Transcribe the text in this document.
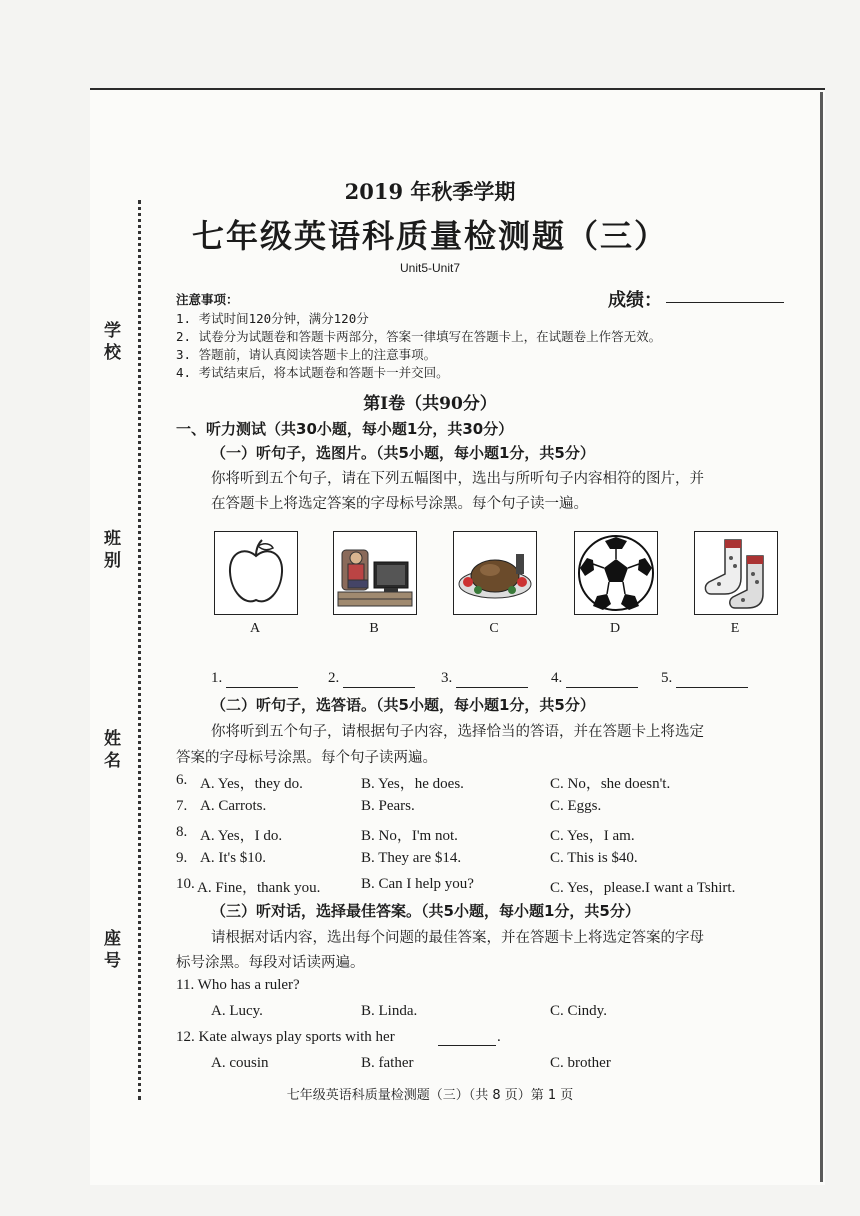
学校
班别
姓名
座号
2019 年秋季学期
七年级英语科质量检测题（三）
Unit5-Unit7
注意事项：
1. 考试时间120分钟，满分120分
2. 试卷分为试题卷和答题卡两部分，答案一律填写在答题卡上，在试题卷上作答无效。
3. 答题前，请认真阅读答题卡上的注意事项。
4. 考试结束后，将本试题卷和答题卡一并交回。
成绩：
第Ⅰ卷（共90分）
一、听力测试（共30小题，每小题1分，共30分）
（一）听句子，选图片。（共5小题，每小题1分，共5分）
你将听到五个句子，请在下列五幅图中，选出与所听句子内容相符的图片，并
在答题卡上将选定答案的字母标号涂黑。每个句子读一遍。
A	B	C	D	E
1.	2.	3.	4.	5.
（二）听句子，选答语。（共5小题，每小题1分，共5分）
你将听到五个句子，请根据句子内容，选择恰当的答语，并在答题卡上将选定
答案的字母标号涂黑。每个句子读两遍。
6. A. Yes，they do.	B. Yes，he does.	C. No，she doesn't.
7. A. Carrots.	B. Pears.	C. Eggs.
8. A. Yes，I do.	B. No，I'm not.	C. Yes，I am.
9. A. It's $10.	B. They are $14.	C. This is $40.
10. A. Fine，thank you.	B. Can I help you?	C. Yes，please.I want a Tshirt.
（三）听对话，选择最佳答案。（共5小题，每小题1分，共5分）
请根据对话内容，选出每个问题的最佳答案，并在答题卡上将选定答案的字母
标号涂黑。每段对话读两遍。
11. Who has a ruler?
A. Lucy.	B. Linda.	C. Cindy.
12. Kate always play sports with her	.
A. cousin	B. father	C. brother
七年级英语科质量检测题（三）（共 8 页）第 1 页
